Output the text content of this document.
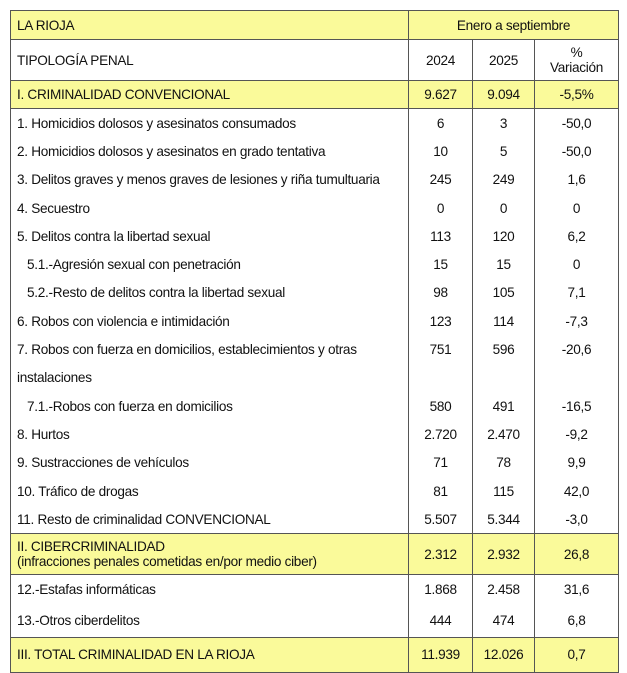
LA RIOJA	Enero a septiembre		
TIPOLOGÍA PENAL	2024	2025	%
Variación

I. CRIMINALIDAD CONVENCIONAL	9.627	9.094	-5,5%
1. Homicidios dolosos y asesinatos consumados	6	3	-50,0
2. Homicidios dolosos y asesinatos en grado tentativa	10	5	-50,0
3. Delitos graves y menos graves de lesiones y riña tumultuaria	245	249	1,6
4. Secuestro	0	0	0
5. Delitos contra la libertad sexual	113	120	6,2
5.1.-Agresión sexual con penetración	15	15	0
5.2.-Resto de delitos contra la libertad sexual	98	105	7,1
6. Robos con violencia e intimidación	123	114	-7,3
7. Robos con fuerza en domicilios, establecimientos y otras	751	596	-20,6
instalaciones			
7.1.-Robos con fuerza en domicilios	580	491	-16,5
8. Hurtos	2.720	2.470	-9,2
9. Sustracciones de vehículos	71	78	9,9
10. Tráfico de drogas	81	115	42,0
11. Resto de criminalidad CONVENCIONAL	5.507	5.344	-3,0

II. CIBERCRIMINALIDAD
(infracciones penales cometidas en/por medio ciber)	2.312	2.932	26,8
12.-Estafas informáticas	1.868	2.458	31,6
13.-Otros ciberdelitos	444	474	6,8
III. TOTAL CRIMINALIDAD EN LA RIOJA	11.939	12.026	0,7
